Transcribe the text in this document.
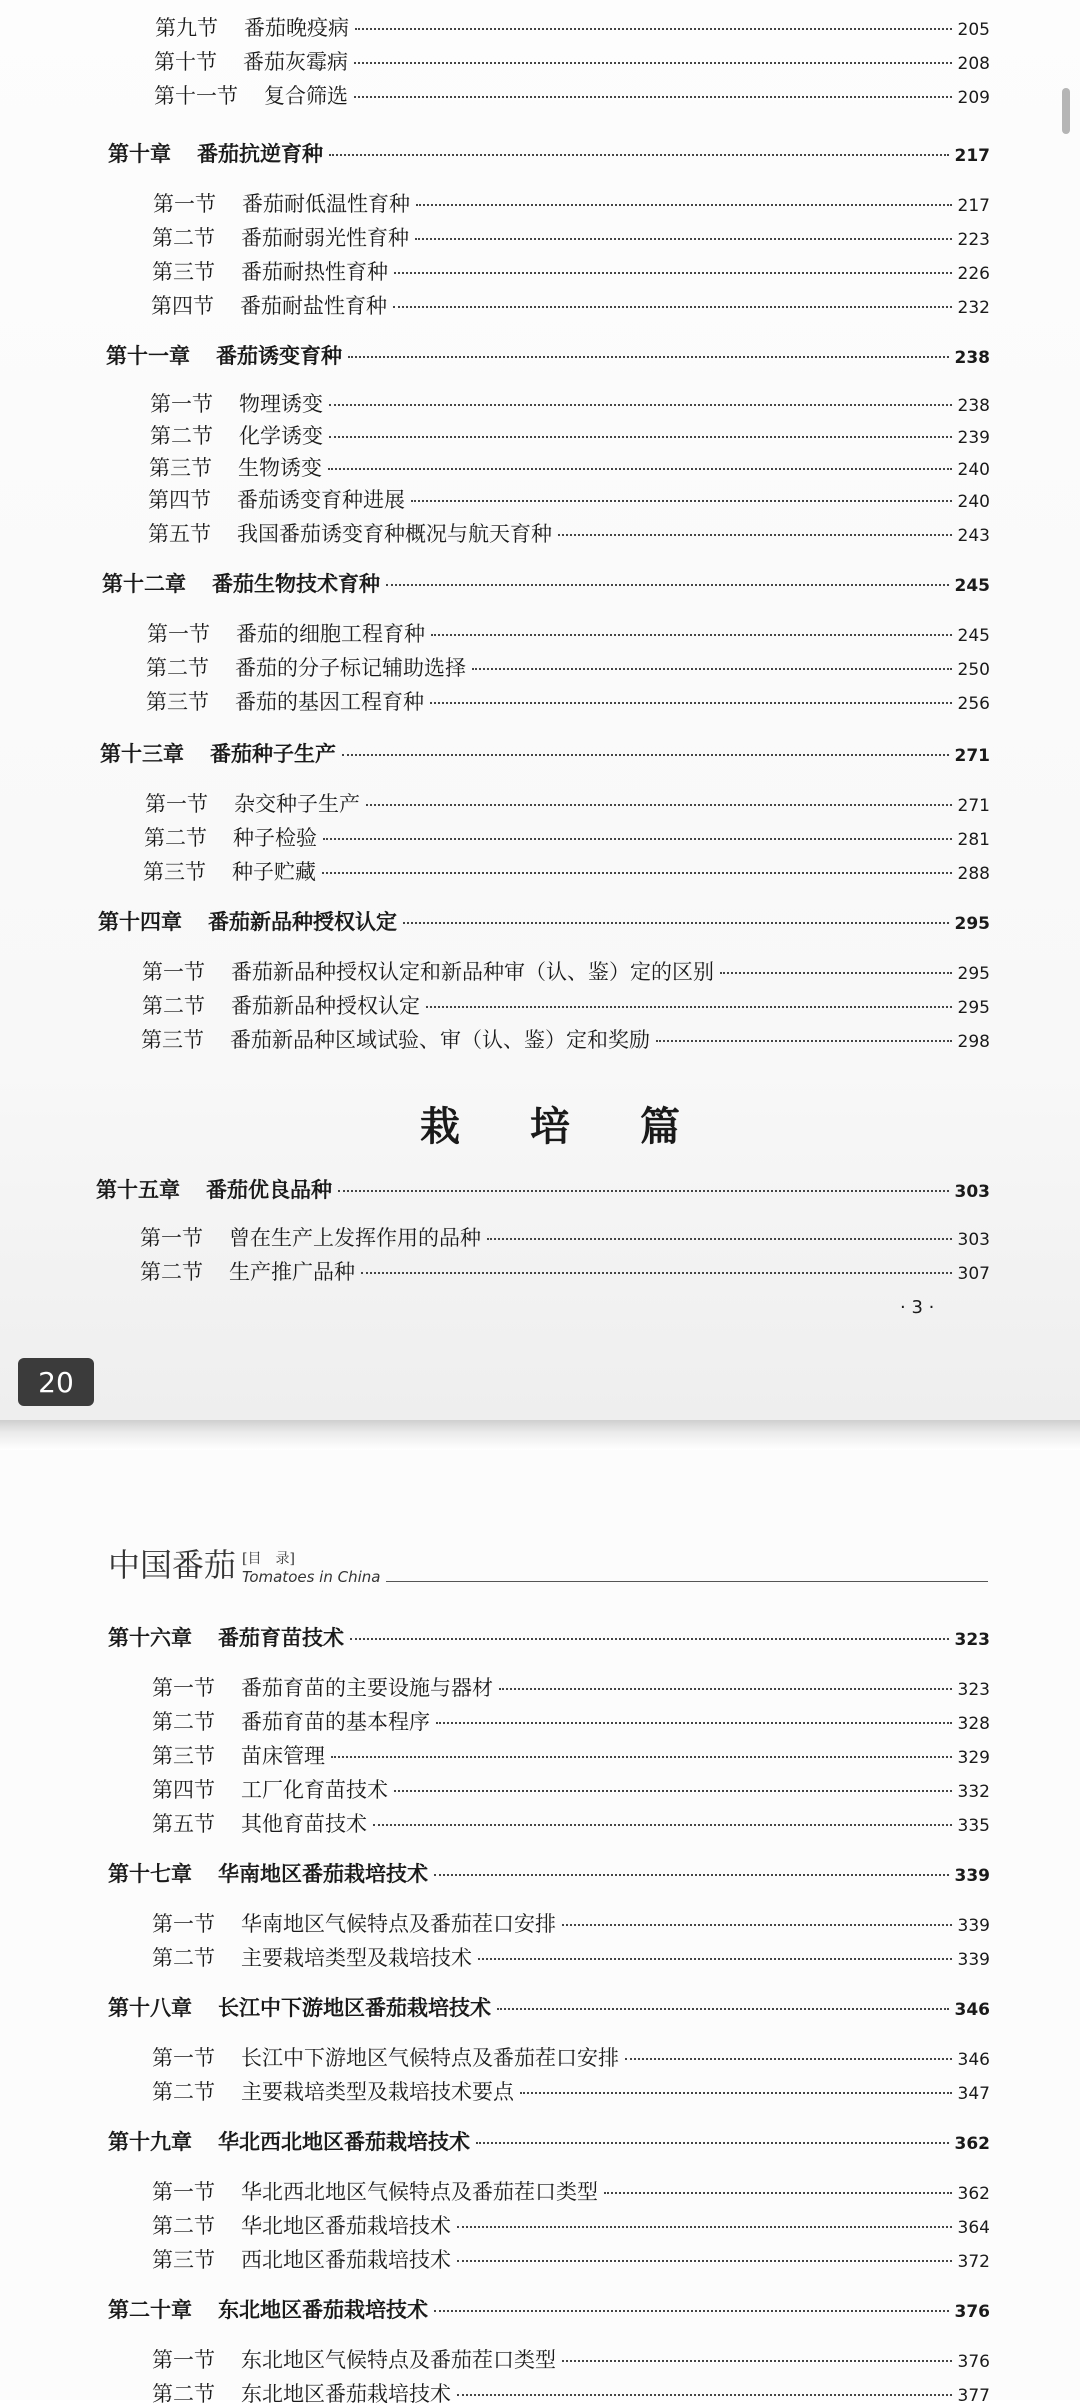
第九节 番茄晚疫病	205
第十节 番茄灰霉病	208
第十一节 复合筛选	209
第十章 番茄抗逆育种	217
第一节 番茄耐低温性育种	217
第二节 番茄耐弱光性育种	223
第三节 番茄耐热性育种	226
第四节 番茄耐盐性育种	232
第十一章 番茄诱变育种	238
第一节 物理诱变	238
第二节 化学诱变	239
第三节 生物诱变	240
第四节 番茄诱变育种进展	240
第五节 我国番茄诱变育种概况与航天育种	243
第十二章 番茄生物技术育种	245
第一节 番茄的细胞工程育种	245
第二节 番茄的分子标记辅助选择	250
第三节 番茄的基因工程育种	256
第十三章 番茄种子生产	271
第一节 杂交种子生产	271
第二节 种子检验	281
第三节 种子贮藏	288
第十四章 番茄新品种授权认定	295
第一节 番茄新品种授权认定和新品种审（认、鉴）定的区别	295
第二节 番茄新品种授权认定	295
第三节 番茄新品种区域试验、审（认、鉴）定和奖励	298
第十五章 番茄优良品种	303
第一节 曾在生产上发挥作用的品种	303
第二节 生产推广品种	307
栽培篇
· 3 ·
20
中国番茄 [目　录]
Tomatoes in China
第十六章 番茄育苗技术	323
第一节 番茄育苗的主要设施与器材	323
第二节 番茄育苗的基本程序	328
第三节 苗床管理	329
第四节 工厂化育苗技术	332
第五节 其他育苗技术	335
第十七章 华南地区番茄栽培技术	339
第一节 华南地区气候特点及番茄茬口安排	339
第二节 主要栽培类型及栽培技术	339
第十八章 长江中下游地区番茄栽培技术	346
第一节 长江中下游地区气候特点及番茄茬口安排	346
第二节 主要栽培类型及栽培技术要点	347
第十九章 华北西北地区番茄栽培技术	362
第一节 华北西北地区气候特点及番茄茬口类型	362
第二节 华北地区番茄栽培技术	364
第三节 西北地区番茄栽培技术	372
第二十章 东北地区番茄栽培技术	376
第一节 东北地区气候特点及番茄茬口类型	376
第二节 东北地区番茄栽培技术	377
